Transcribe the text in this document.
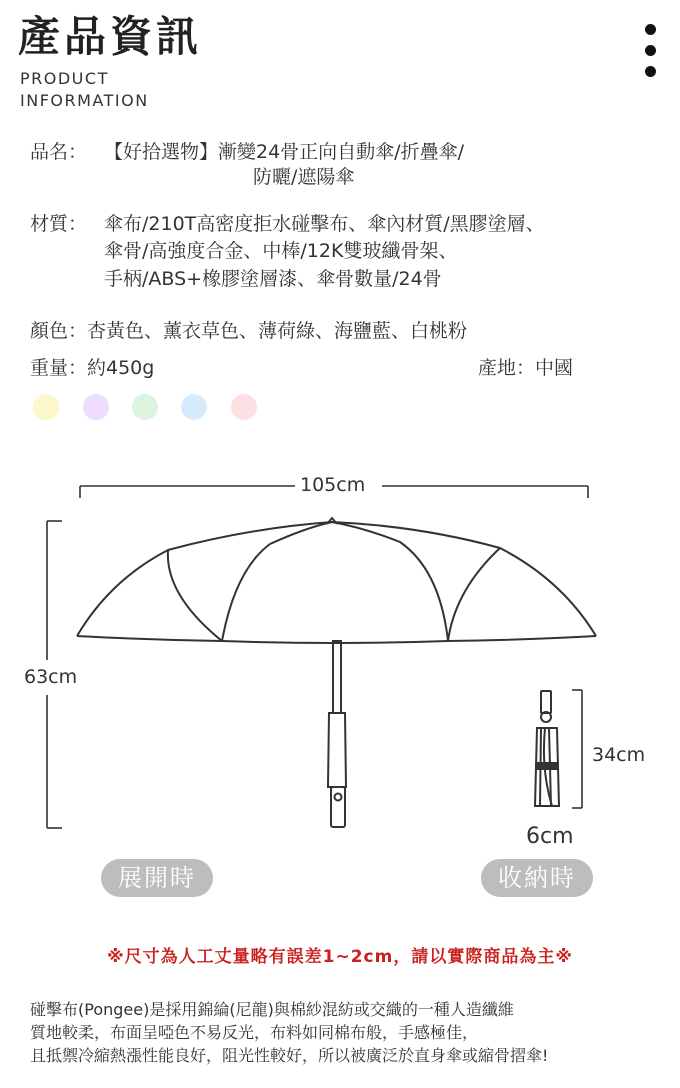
產品資訊
PRODUCT
INFORMATION
品名： 【好拾選物】漸變24骨正向自動傘/折疊傘/
防曬/遮陽傘
材質： 傘布/210T高密度拒水碰擊布、傘內材質/黑膠塗層、
傘骨/高強度合金、中棒/12K雙玻纖骨架、
手柄/ABS+橡膠塗層漆、傘骨數量/24骨
顏色：杏黃色、薰衣草色、薄荷綠、海鹽藍、白桃粉
重量：約450g	產地：中國
105cm
63cm
34cm
6cm
展開時	收納時
※尺寸為人工丈量略有誤差1~2cm，請以實際商品為主※
碰擊布(Pongee)是採用錦綸(尼龍)與棉紗混紡或交織的一種人造纖維
質地較柔，布面呈啞色不易反光，布料如同棉布般，手感極佳，
且抵禦冷縮熱漲性能良好，阻光性較好，所以被廣泛於直身傘或縮骨摺傘!
